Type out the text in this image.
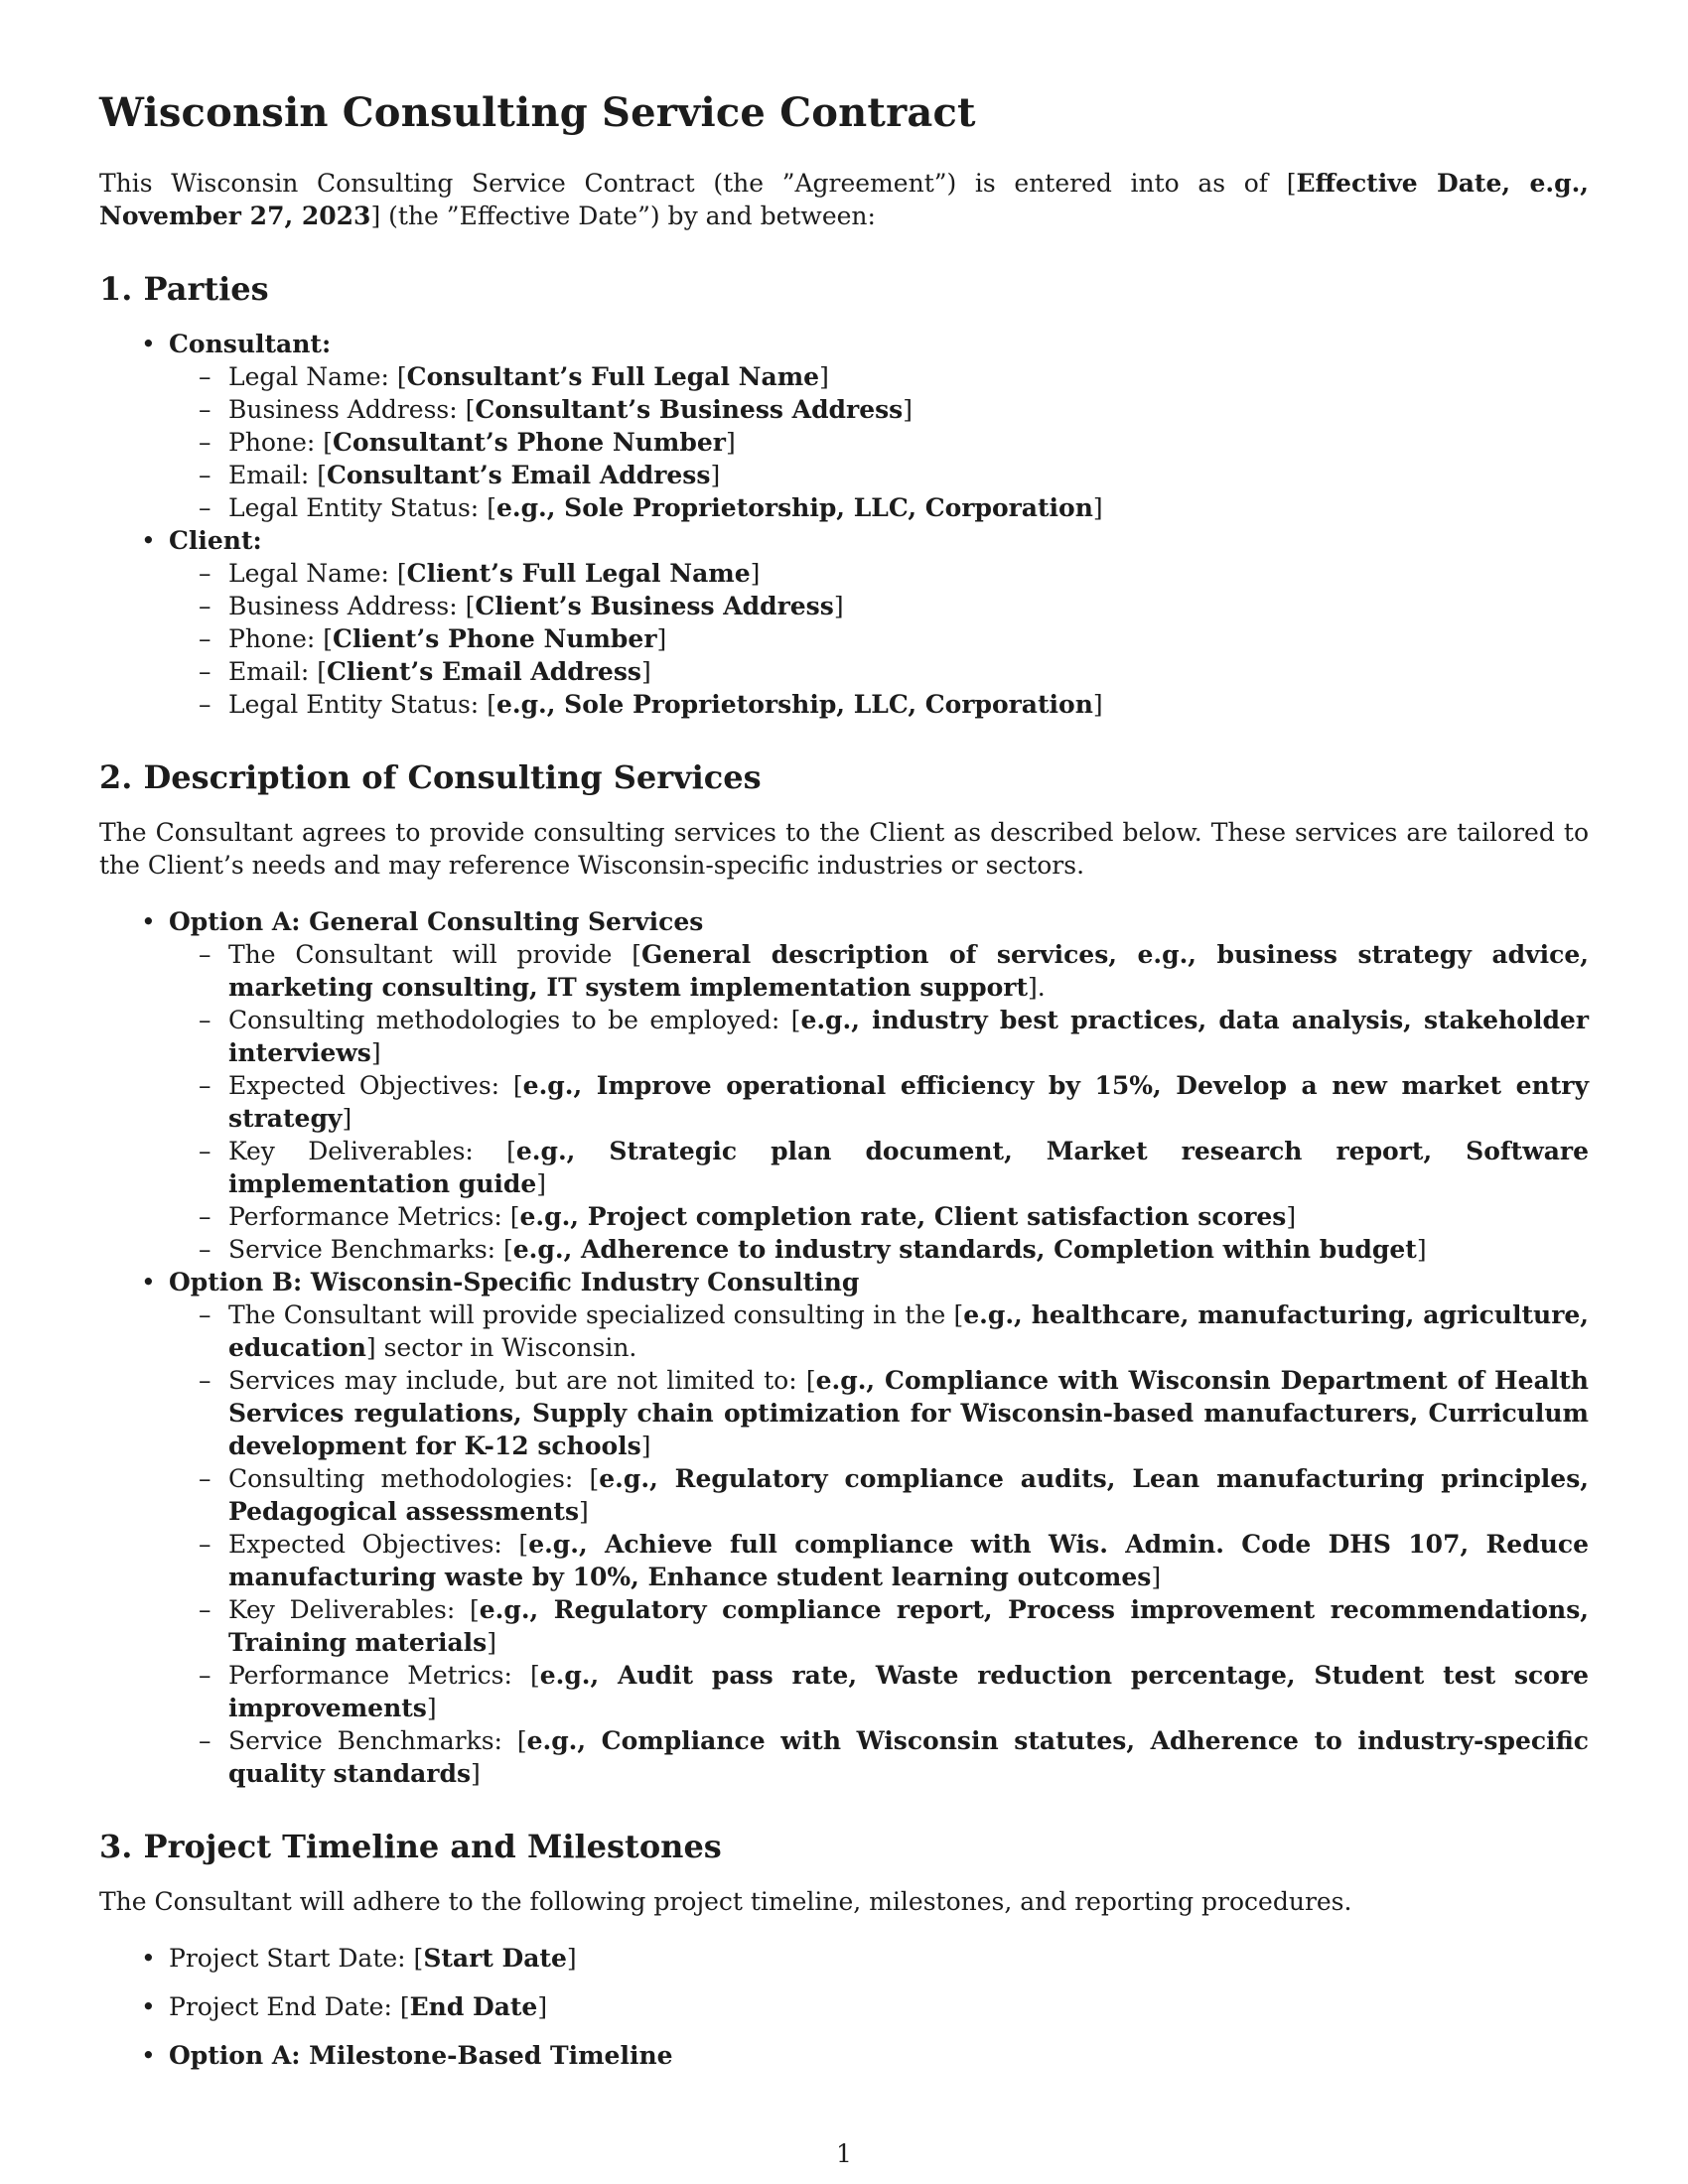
Wisconsin Consulting Service Contract

This Wisconsin Consulting Service Contract (the ”Agreement”) is entered into as of [Effective Date, e.g., November 27, 2023] (the ”Effective Date”) by and between:

1. Parties
• Consultant:
– Legal Name: [Consultant’s Full Legal Name]
– Business Address: [Consultant’s Business Address]
– Phone: [Consultant’s Phone Number]
– Email: [Consultant’s Email Address]
– Legal Entity Status: [e.g., Sole Proprietorship, LLC, Corporation]
• Client:
– Legal Name: [Client’s Full Legal Name]
– Business Address: [Client’s Business Address]
– Phone: [Client’s Phone Number]
– Email: [Client’s Email Address]
– Legal Entity Status: [e.g., Sole Proprietorship, LLC, Corporation]
2. Description of Consulting Services

The Consultant agrees to provide consulting services to the Client as described below. These services are tailored to the Client’s needs and may reference Wisconsin-specific industries or sectors.

• Option A: General Consulting Services
– The Consultant will provide [General description of services, e.g., business strategy advice, marketing consulting, IT system implementation support].
– Consulting methodologies to be employed: [e.g., industry best practices, data analysis, stakeholder interviews]
– Expected Objectives: [e.g., Improve operational efficiency by 15%, Develop a new market entry strategy]
– Key Deliverables: [e.g., Strategic plan document, Market research report, Software implementation guide]
– Performance Metrics: [e.g., Project completion rate, Client satisfaction scores]
– Service Benchmarks: [e.g., Adherence to industry standards, Completion within budget]
• Option B: Wisconsin-Specific Industry Consulting
– The Consultant will provide specialized consulting in the [e.g., healthcare, manufacturing, agriculture, education] sector in Wisconsin.
– Services may include, but are not limited to: [e.g., Compliance with Wisconsin Department of Health Services regulations, Supply chain optimization for Wisconsin-based manufacturers, Curriculum development for K-12 schools]
– Consulting methodologies: [e.g., Regulatory compliance audits, Lean manufacturing principles, Pedagogical assessments]
– Expected Objectives: [e.g., Achieve full compliance with Wis. Admin. Code DHS 107, Reduce manufacturing waste by 10%, Enhance student learning outcomes]
– Key Deliverables: [e.g., Regulatory compliance report, Process improvement recommendations, Training materials]
– Performance Metrics: [e.g., Audit pass rate, Waste reduction percentage, Student test score improvements]
– Service Benchmarks: [e.g., Compliance with Wisconsin statutes, Adherence to industry-specific quality standards]
3. Project Timeline and Milestones

The Consultant will adhere to the following project timeline, milestones, and reporting procedures.

• Project Start Date: [Start Date]
• Project End Date: [End Date]
• Option A: Milestone-Based Timeline
1
